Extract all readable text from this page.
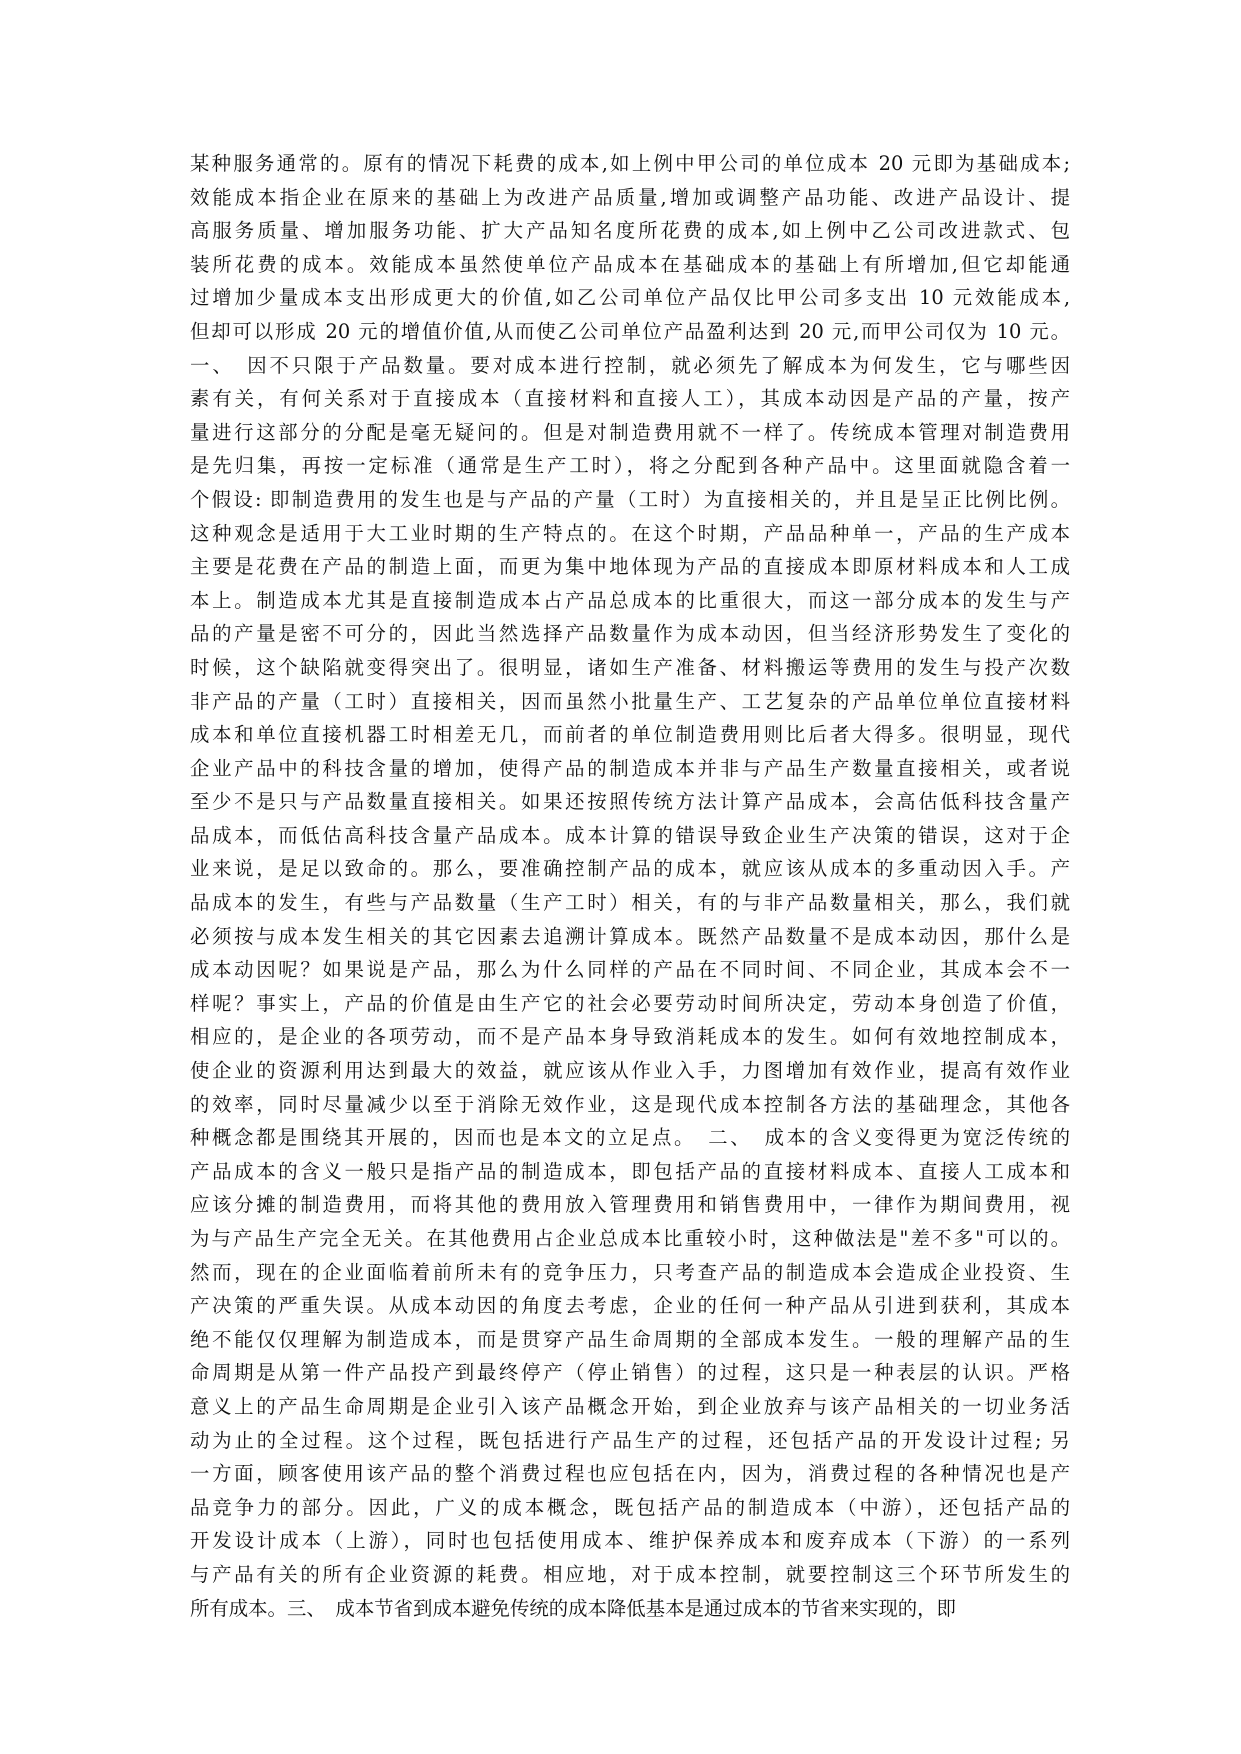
某种服务通常的。原有的情况下耗费的成本,如上例中甲公司的单位成本 20 元即为基础成本;
效能成本指企业在原来的基础上为改进产品质量,增加或调整产品功能、改进产品设计、提
高服务质量、增加服务功能、扩大产品知名度所花费的成本,如上例中乙公司改进款式、包
装所花费的成本。效能成本虽然使单位产品成本在基础成本的基础上有所增加,但它却能通
过增加少量成本支出形成更大的价值,如乙公司单位产品仅比甲公司多支出 10 元效能成本,
但却可以形成 20 元的增值价值,从而使乙公司单位产品盈利达到 20 元,而甲公司仅为 10 元。
一、　因不只限于产品数量。要对成本进行控制，就必须先了解成本为何发生，它与哪些因
素有关，有何关系对于直接成本（直接材料和直接人工），其成本动因是产品的产量，按产
量进行这部分的分配是毫无疑问的。但是对制造费用就不一样了。传统成本管理对制造费用
是先归集，再按一定标准（通常是生产工时），将之分配到各种产品中。这里面就隐含着一
个假设: 即制造费用的发生也是与产品的产量（工时）为直接相关的，并且是呈正比例比例。
这种观念是适用于大工业时期的生产特点的。在这个时期，产品品种单一，产品的生产成本
主要是花费在产品的制造上面，而更为集中地体现为产品的直接成本即原材料成本和人工成
本上。制造成本尤其是直接制造成本占产品总成本的比重很大，而这一部分成本的发生与产
品的产量是密不可分的，因此当然选择产品数量作为成本动因，但当经济形势发生了变化的
时候，这个缺陷就变得突出了。很明显，诸如生产准备、材料搬运等费用的发生与投产次数
非产品的产量（工时）直接相关，因而虽然小批量生产、工艺复杂的产品单位单位直接材料
成本和单位直接机器工时相差无几，而前者的单位制造费用则比后者大得多。很明显，现代
企业产品中的科技含量的增加，使得产品的制造成本并非与产品生产数量直接相关，或者说
至少不是只与产品数量直接相关。如果还按照传统方法计算产品成本，会高估低科技含量产
品成本，而低估高科技含量产品成本。成本计算的错误导致企业生产决策的错误，这对于企
业来说，是足以致命的。那么，要准确控制产品的成本，就应该从成本的多重动因入手。产
品成本的发生，有些与产品数量（生产工时）相关，有的与非产品数量相关，那么，我们就
必须按与成本发生相关的其它因素去追溯计算成本。既然产品数量不是成本动因，那什么是
成本动因呢？如果说是产品，那么为什么同样的产品在不同时间、不同企业，其成本会不一
样呢？事实上，产品的价值是由生产它的社会必要劳动时间所决定，劳动本身创造了价值，
相应的，是企业的各项劳动，而不是产品本身导致消耗成本的发生。如何有效地控制成本，
使企业的资源利用达到最大的效益，就应该从作业入手，力图增加有效作业，提高有效作业
的效率，同时尽量减少以至于消除无效作业，这是现代成本控制各方法的基础理念，其他各
种概念都是围绕其开展的，因而也是本文的立足点。　二、　成本的含义变得更为宽泛传统的
产品成本的含义一般只是指产品的制造成本，即包括产品的直接材料成本、直接人工成本和
应该分摊的制造费用，而将其他的费用放入管理费用和销售费用中，一律作为期间费用，视
为与产品生产完全无关。在其他费用占企业总成本比重较小时，这种做法是"差不多"可以的。
然而，现在的企业面临着前所未有的竞争压力，只考查产品的制造成本会造成企业投资、生
产决策的严重失误。从成本动因的角度去考虑，企业的任何一种产品从引进到获利，其成本
绝不能仅仅理解为制造成本，而是贯穿产品生命周期的全部成本发生。一般的理解产品的生
命周期是从第一件产品投产到最终停产（停止销售）的过程，这只是一种表层的认识。严格
意义上的产品生命周期是企业引入该产品概念开始，到企业放弃与该产品相关的一切业务活
动为止的全过程。这个过程，既包括进行产品生产的过程，还包括产品的开发设计过程; 另
一方面，顾客使用该产品的整个消费过程也应包括在内，因为，消费过程的各种情况也是产
品竞争力的部分。因此，广义的成本概念，既包括产品的制造成本（中游），还包括产品的
开发设计成本（上游），同时也包括使用成本、维护保养成本和废弃成本（下游）的一系列
与产品有关的所有企业资源的耗费。相应地，对于成本控制，就要控制这三个环节所发生的
所有成本。三、　成本节省到成本避免传统的成本降低基本是通过成本的节省来实现的，即
